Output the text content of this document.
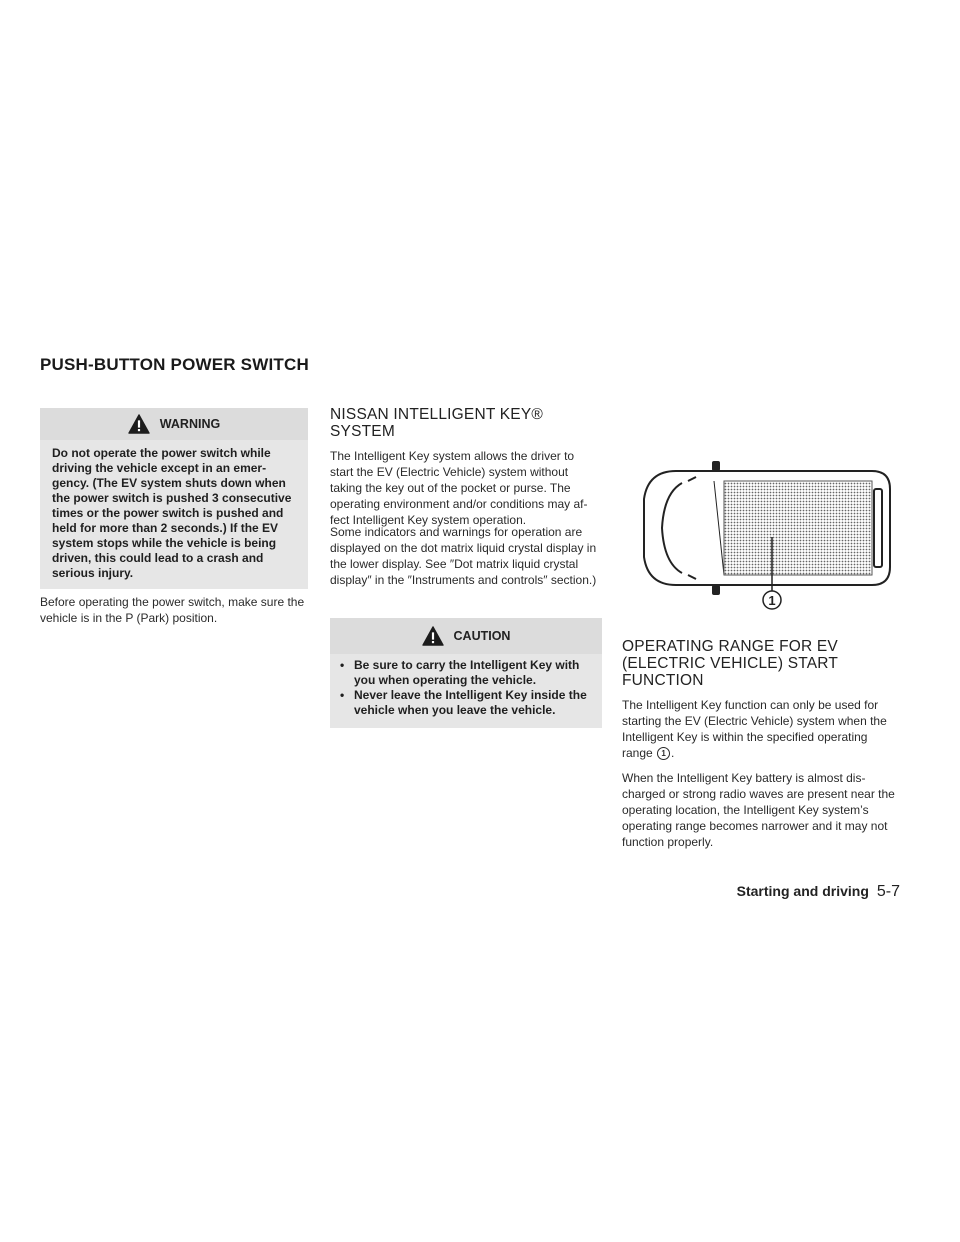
PUSH-BUTTON POWER SWITCH
WARNING
Do not operate the power switch while driving the vehicle except in an emergency. (The EV system shuts down when the power switch is pushed 3 consecutive times or the power switch is pushed and held for more than 2 seconds.) If the EV system stops while the vehicle is being driven, this could lead to a crash and serious injury.
Before operating the power switch, make sure the vehicle is in the P (Park) position.
NISSAN INTELLIGENT KEY®
SYSTEM
The Intelligent Key system allows the driver to start the EV (Electric Vehicle) system without taking the key out of the pocket or purse. The operating environment and/or conditions may affect Intelligent Key system operation.
Some indicators and warnings for operation are displayed on the dot matrix liquid crystal display in the lower display. See ″Dot matrix liquid crystal display″ in the ″Instruments and controls″ section.)
CAUTION
• Be sure to carry the Intelligent Key with you when operating the vehicle.
• Never leave the Intelligent Key inside the vehicle when you leave the vehicle.
1
OPERATING RANGE FOR EV
(ELECTRIC VEHICLE) START
FUNCTION
The Intelligent Key function can only be used for starting the EV (Electric Vehicle) system when the Intelligent Key is within the specified operating range 1 .
When the Intelligent Key battery is almost discharged or strong radio waves are present near the operating location, the Intelligent Key system’s operating range becomes narrower and it may not function properly.
Starting and driving 5-7
